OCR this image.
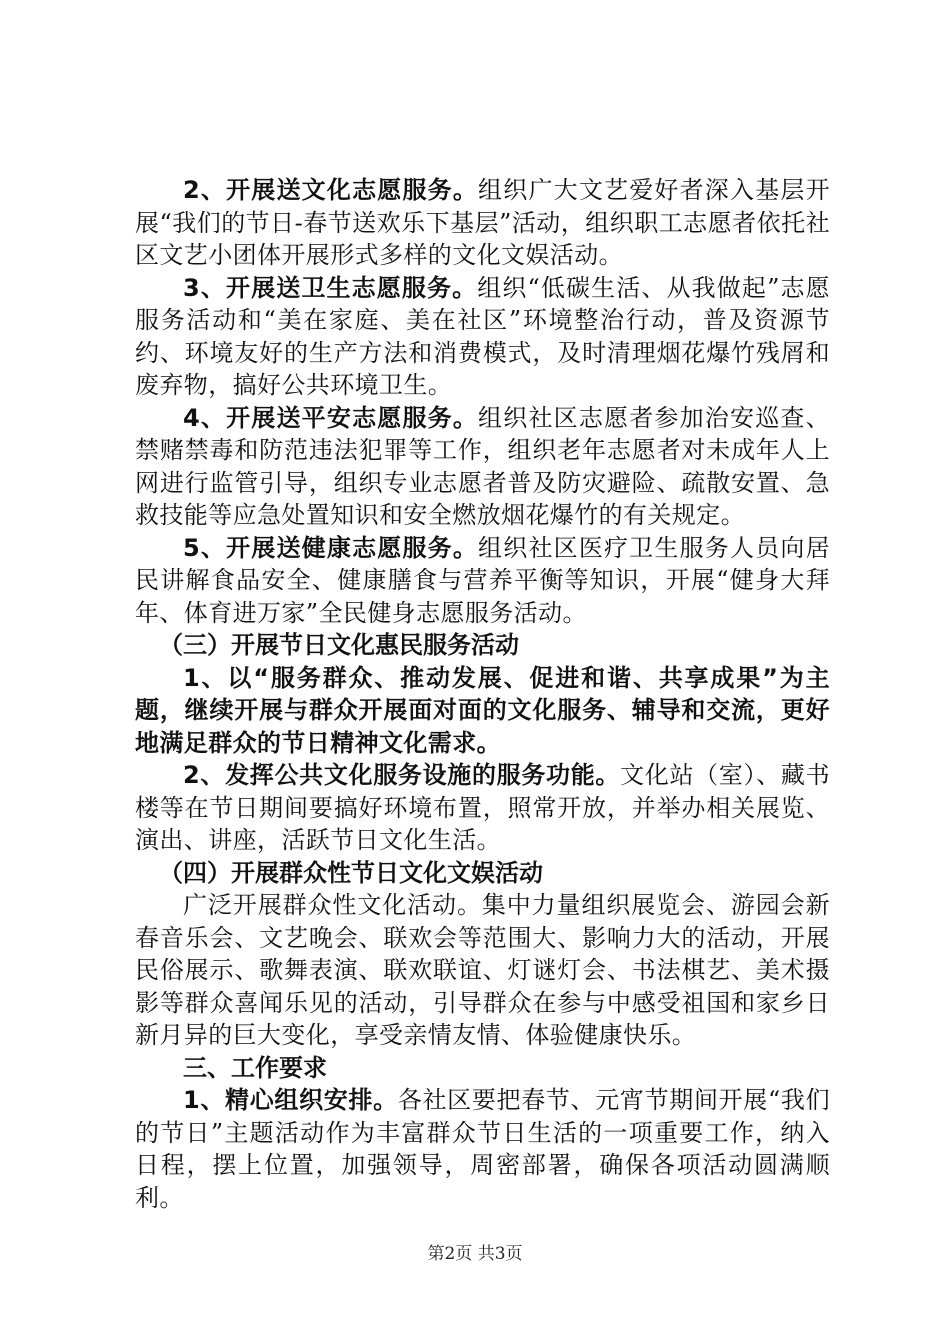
2、开展送文化志愿服务。组织广大文艺爱好者深入基层开展“我们的节日-春节送欢乐下基层”活动，组织职工志愿者依托社区文艺小团体开展形式多样的文化文娱活动。

3、开展送卫生志愿服务。组织“低碳生活、从我做起”志愿服务活动和“美在家庭、美在社区”环境整治行动，普及资源节约、环境友好的生产方法和消费模式，及时清理烟花爆竹残屑和废弃物，搞好公共环境卫生。

4、开展送平安志愿服务。组织社区志愿者参加治安巡查、禁赌禁毒和防范违法犯罪等工作，组织老年志愿者对未成年人上网进行监管引导，组织专业志愿者普及防灾避险、疏散安置、急救技能等应急处置知识和安全燃放烟花爆竹的有关规定。

5、开展送健康志愿服务。组织社区医疗卫生服务人员向居民讲解食品安全、健康膳食与营养平衡等知识，开展“健身大拜年、体育进万家”全民健身志愿服务活动。

（三）开展节日文化惠民服务活动

1、以“服务群众、推动发展、促进和谐、共享成果”为主题，继续开展与群众开展面对面的文化服务、辅导和交流，更好地满足群众的节日精神文化需求。

2、发挥公共文化服务设施的服务功能。文化站（室）、藏书楼等在节日期间要搞好环境布置，照常开放，并举办相关展览、演出、讲座，活跃节日文化生活。

（四）开展群众性节日文化文娱活动

广泛开展群众性文化活动。集中力量组织展览会、游园会新春音乐会、文艺晚会、联欢会等范围大、影响力大的活动，开展民俗展示、歌舞表演、联欢联谊、灯谜灯会、书法棋艺、美术摄影等群众喜闻乐见的活动，引导群众在参与中感受祖国和家乡日新月异的巨大变化，享受亲情友情、体验健康快乐。

三、工作要求

1、精心组织安排。各社区要把春节、元宵节期间开展“我们的节日”主题活动作为丰富群众节日生活的一项重要工作，纳入日程，摆上位置，加强领导，周密部署，确保各项活动圆满顺利。

第2页 共3页
